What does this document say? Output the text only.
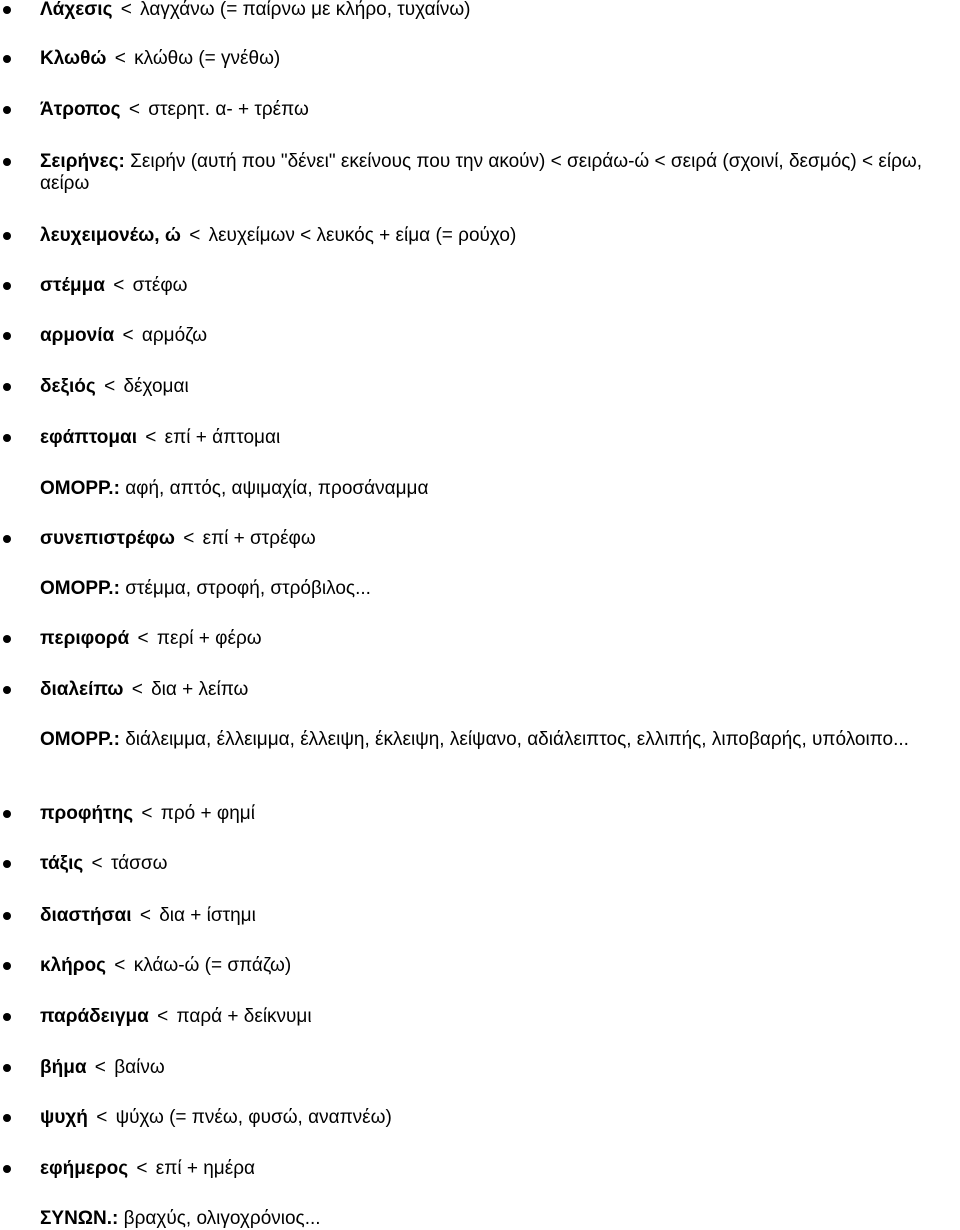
Λάχεσις < λαγχάνω (= παίρνω με κλήρο, τυχαίνω)
Κλωθώ < κλώθω (= γνέθω)
Άτροπος < στερητ. α- + τρέπω
Σειρήνες: Σειρήν (αυτή που "δένει" εκείνους που την ακούν) < σειράω-ώ < σειρά (σχοινί, δεσμός) < είρω, αείρω
λευχειμονέω, ώ < λευχείμων < λευκός + είμα (= ρούχο)
στέμμα < στέφω
αρμονία < αρμόζω
δεξιός < δέχομαι
εφάπτομαι < επί + άπτομαι
ΟΜΟΡΡ.: αφή, απτός, αψιμαχία, προσάναμμα
συνεπιστρέφω < επί + στρέφω
ΟΜΟΡΡ.: στέμμα, στροφή, στρόβιλος...
περιφορά < περί + φέρω
διαλείπω < δια + λείπω
ΟΜΟΡΡ.: διάλειμμα, έλλειμμα, έλλειψη, έκλειψη, λείψανο, αδιάλειπτος, ελλιπής, λιποβαρής, υπόλοιπο...
προφήτης < πρό + φημί
τάξις < τάσσω
διαστήσαι < δια + ίστημι
κλήρος < κλάω-ώ (= σπάζω)
παράδειγμα < παρά + δείκνυμι
βήμα < βαίνω
ψυχή < ψύχω (= πνέω, φυσώ, αναπνέω)
εφήμερος < επί + ημέρα
ΣΥΝΩΝ.: βραχύς, ολιγοχρόνιος...
